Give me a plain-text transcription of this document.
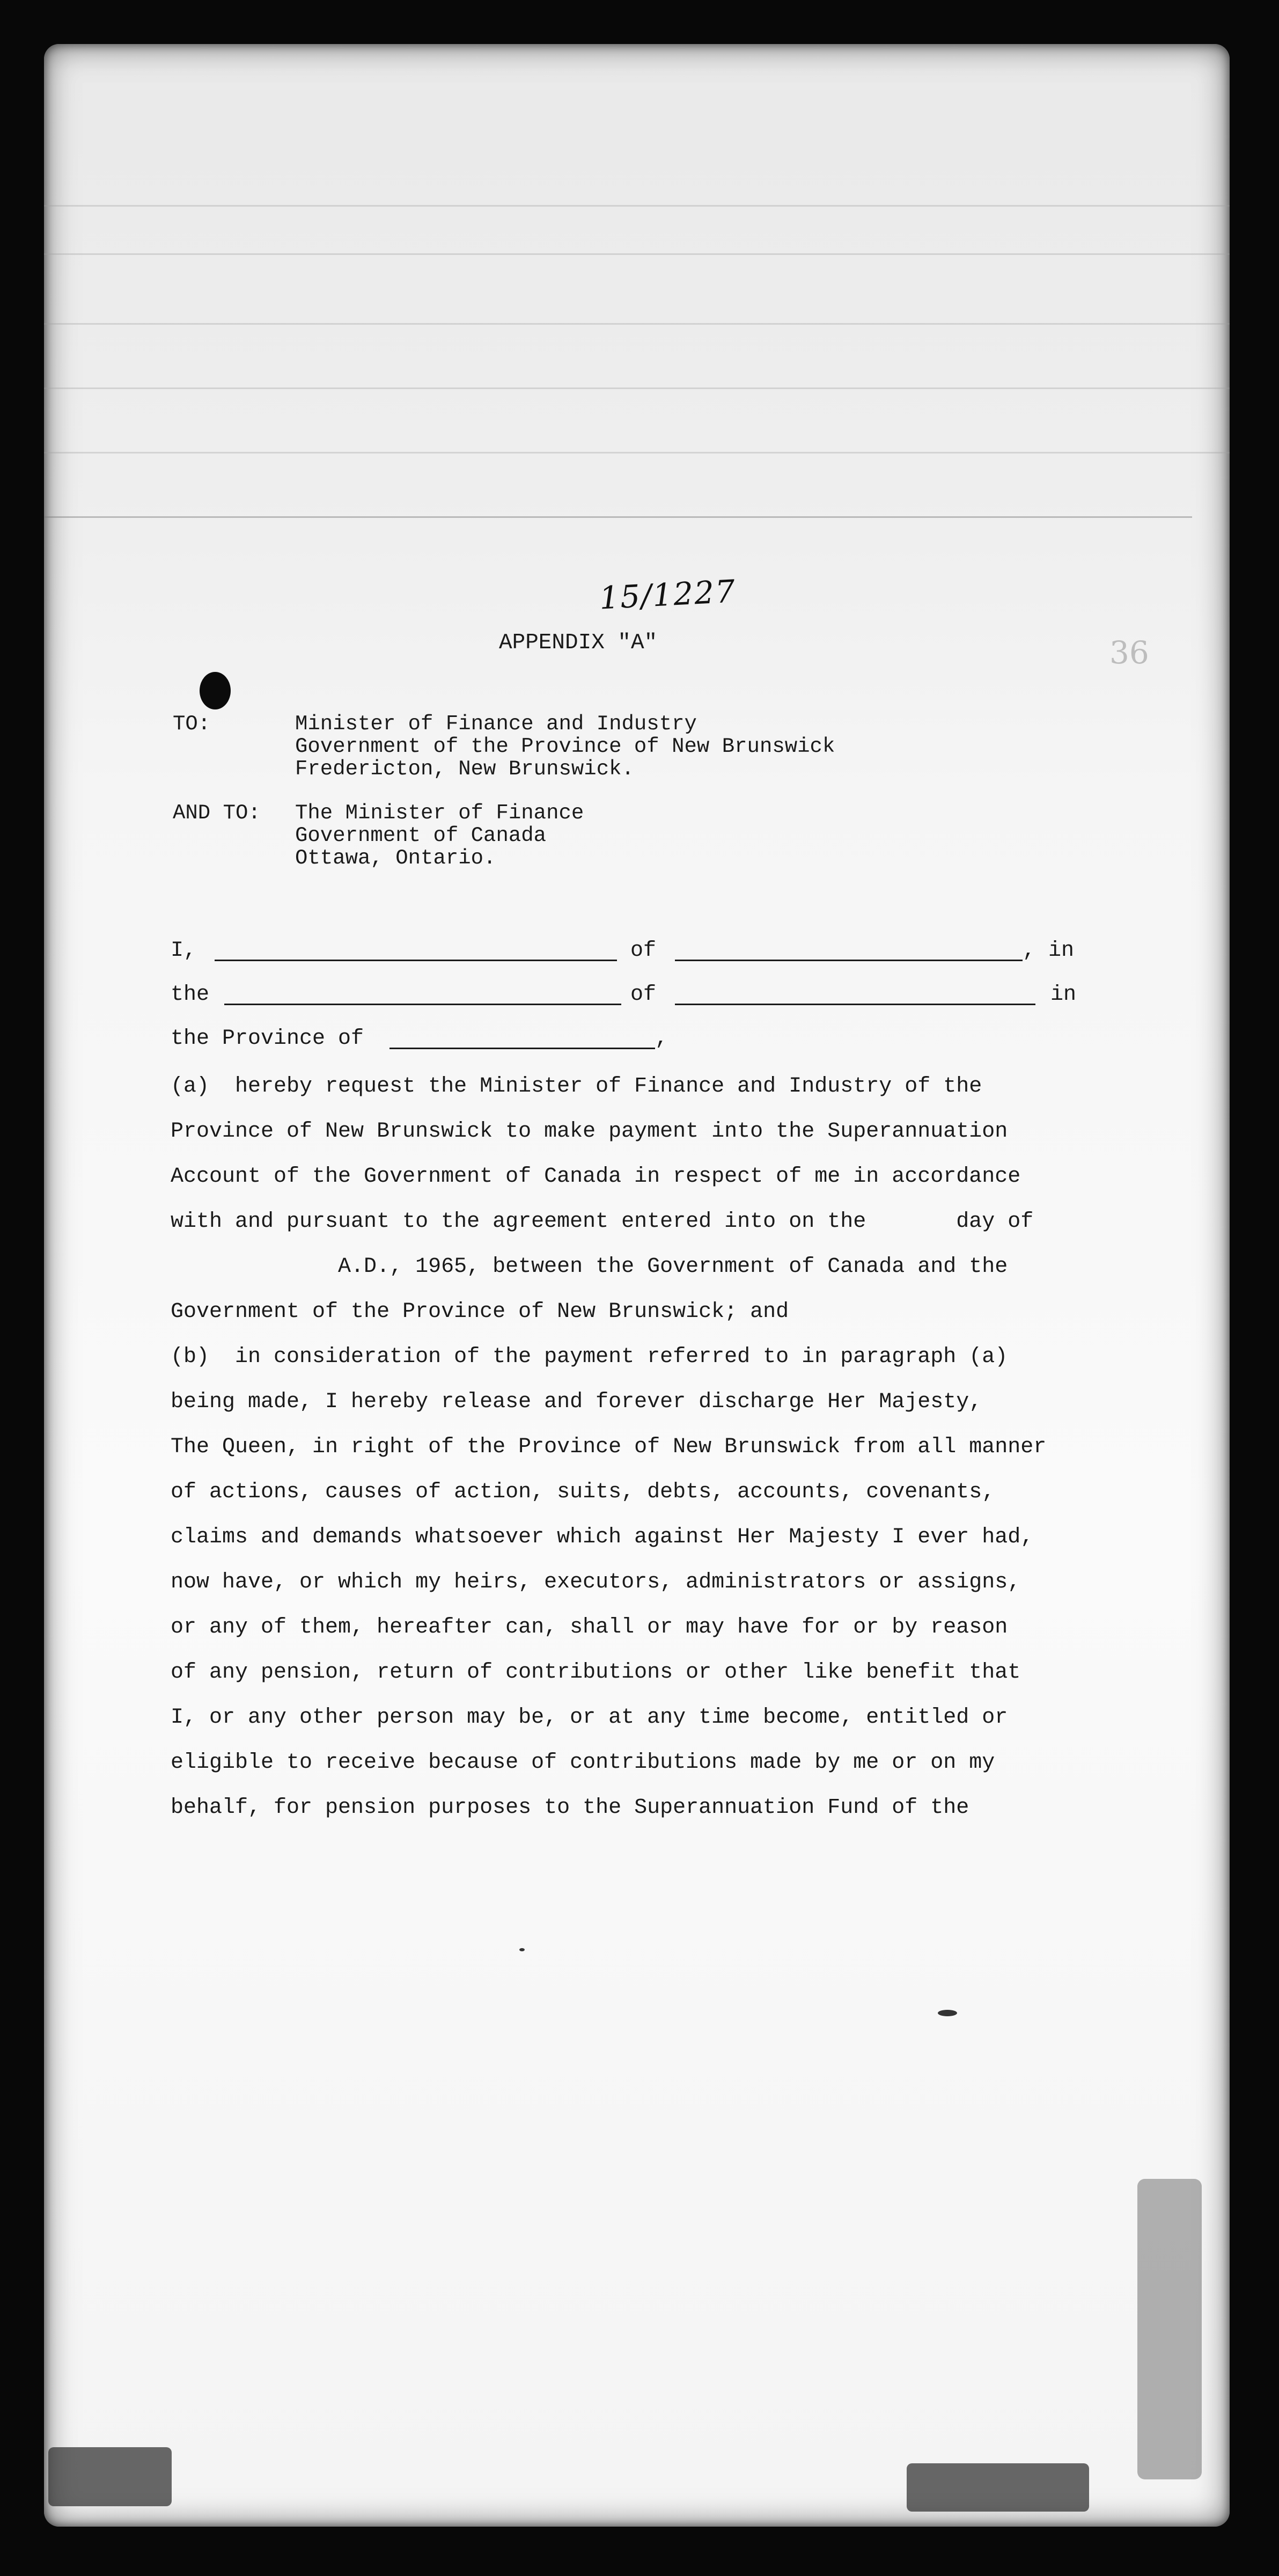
15/1227
36
APPENDIX "A"
TO:	Minister of Finance and Industry
Government of the Province of New Brunswick
Fredericton, New Brunswick.
AND TO: The Minister of Finance
Government of Canada
Ottawa, Ontario.
I,	of	, in
the	of	in
the Province of	,
(a)  hereby request the Minister of Finance and Industry of the
Province of New Brunswick to make payment into the Superannuation
Account of the Government of Canada in respect of me in accordance
with and pursuant to the agreement entered into on the       day of
A.D., 1965, between the Government of Canada and the
Government of the Province of New Brunswick; and
(b)  in consideration of the payment referred to in paragraph (a)
being made, I hereby release and forever discharge Her Majesty,
The Queen, in right of the Province of New Brunswick from all manner
of actions, causes of action, suits, debts, accounts, covenants,
claims and demands whatsoever which against Her Majesty I ever had,
now have, or which my heirs, executors, administrators or assigns,
or any of them, hereafter can, shall or may have for or by reason
of any pension, return of contributions or other like benefit that
I, or any other person may be, or at any time become, entitled or
eligible to receive because of contributions made by me or on my
behalf, for pension purposes to the Superannuation Fund of the
